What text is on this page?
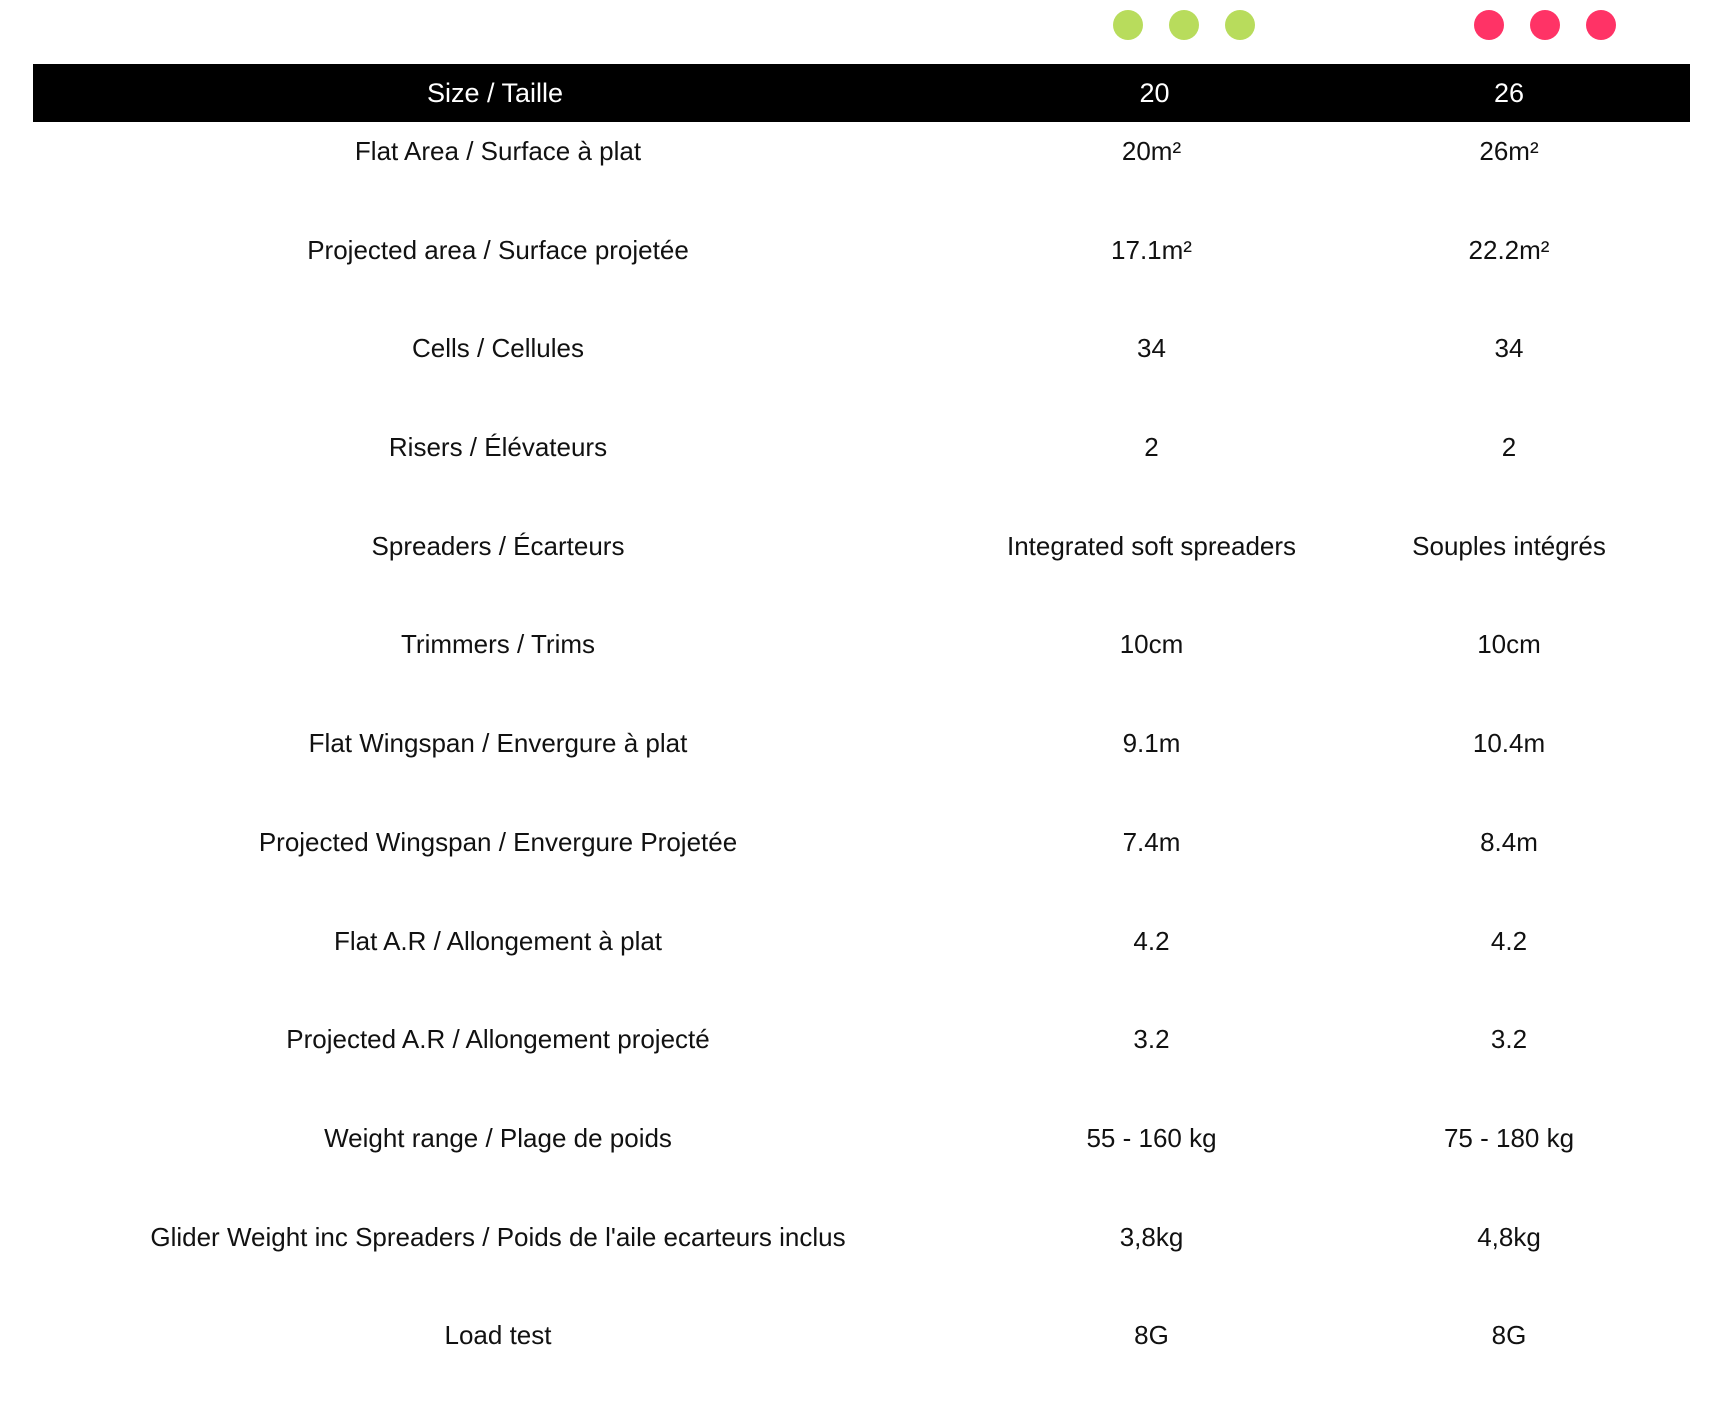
Size / Taille	20	26
Flat Area / Surface à plat	20m²	26m²
Projected area / Surface projetée	17.1m²	22.2m²
Cells / Cellules	34	34
Risers / Élévateurs	2	2
Spreaders / Écarteurs	Integrated soft spreaders	Souples intégrés
Trimmers / Trims	10cm	10cm
Flat Wingspan / Envergure à plat	9.1m	10.4m
Projected Wingspan / Envergure Projetée	7.4m	8.4m
Flat A.R / Allongement à plat	4.2	4.2
Projected A.R / Allongement projecté	3.2	3.2
Weight range / Plage de poids	55 - 160 kg	75 - 180 kg
Glider Weight inc Spreaders / Poids de l'aile ecarteurs inclus	3,8kg	4,8kg
Load test	8G	8G
